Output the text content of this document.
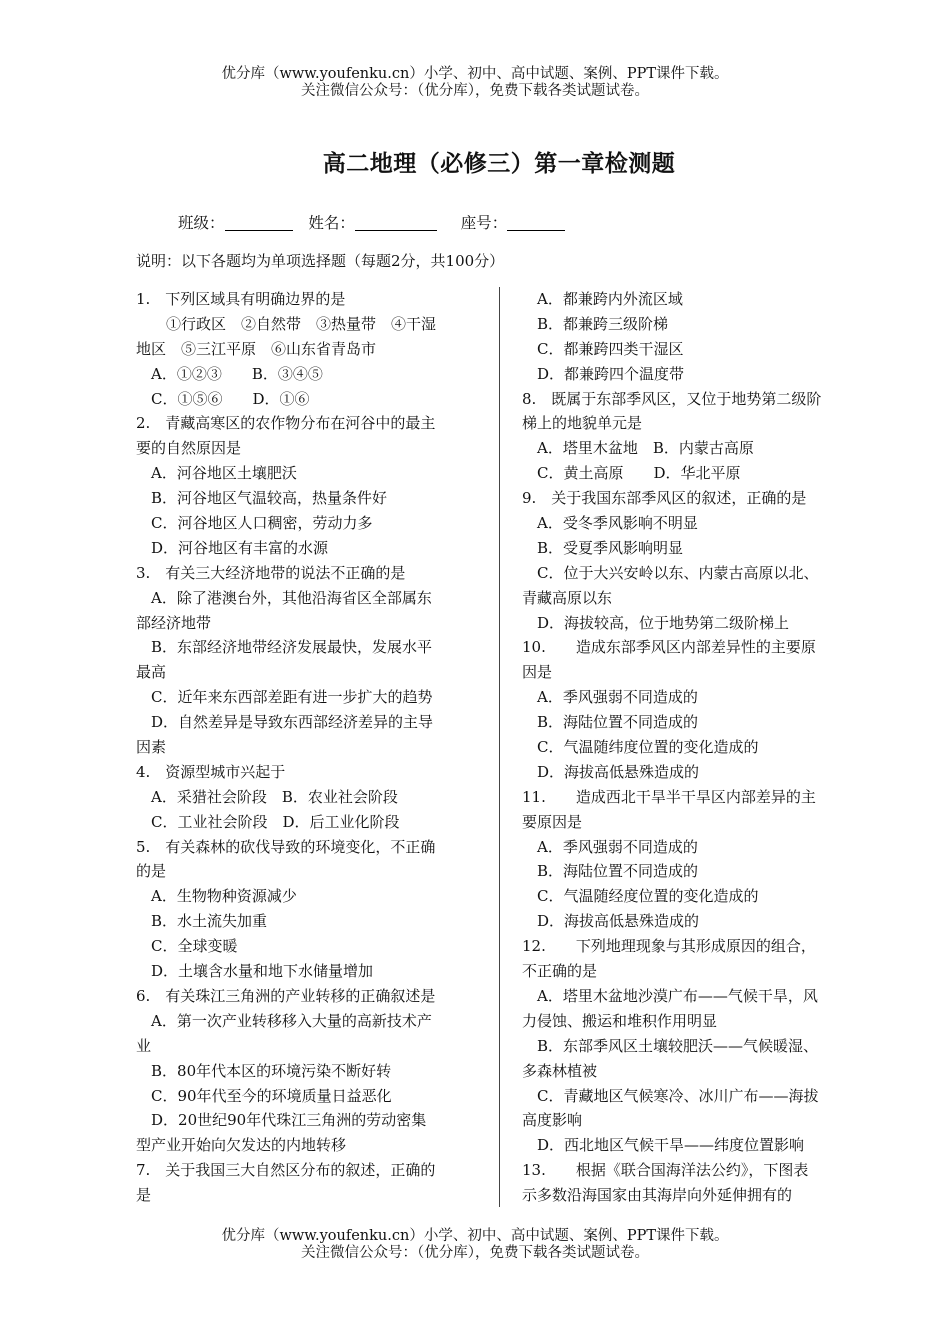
优分库（www.youfenku.cn）小学、初中、高中试题、案例、PPT课件下载。
关注微信公众号：（优分库），免费下载各类试题试卷。
高二地理（必修三）第一章检测题
班级：	姓名：	座号：
说明：以下各题均为单项选择题（每题2分，共100分）
1.　下列区域具有明确边界的是
　　①行政区　②自然带　③热量带　④干湿
地区　⑤三江平原　⑥山东省青岛市
　A．①②③　　B．③④⑤
　C．①⑤⑥　　D．①⑥
2.　青藏高寒区的农作物分布在河谷中的最主
要的自然原因是
　A．河谷地区土壤肥沃
　B．河谷地区气温较高，热量条件好
　C．河谷地区人口稠密，劳动力多
　D．河谷地区有丰富的水源
3.　有关三大经济地带的说法不正确的是
　A．除了港澳台外，其他沿海省区全部属东
部经济地带
　B．东部经济地带经济发展最快，发展水平
最高
　C．近年来东西部差距有进一步扩大的趋势
　D．自然差异是导致东西部经济差异的主导
因素
4.　资源型城市兴起于
　A．采猎社会阶段　B．农业社会阶段
　C．工业社会阶段　D．后工业化阶段
5.　有关森林的砍伐导致的环境变化，不正确
的是
　A．生物物种资源减少
　B．水土流失加重
　C．全球变暖
　D．土壤含水量和地下水储量增加
6.　有关珠江三角洲的产业转移的正确叙述是
　A．第一次产业转移移入大量的高新技术产
业
　B．80年代本区的环境污染不断好转
　C．90年代至今的环境质量日益恶化
　D．20世纪90年代珠江三角洲的劳动密集
型产业开始向欠发达的内地转移
7.　关于我国三大自然区分布的叙述，正确的
是
　A．都兼跨内外流区域
　B．都兼跨三级阶梯
　C．都兼跨四类干湿区
　D．都兼跨四个温度带
8.　既属于东部季风区，又位于地势第二级阶
梯上的地貌单元是
　A．塔里木盆地　B．内蒙古高原
　C．黄土高原　　D．华北平原
9.　关于我国东部季风区的叙述，正确的是
　A．受冬季风影响不明显
　B．受夏季风影响明显
　C．位于大兴安岭以东、内蒙古高原以北、
青藏高原以东
　D．海拔较高，位于地势第二级阶梯上
10.　　造成东部季风区内部差异性的主要原
因是
　A．季风强弱不同造成的
　B．海陆位置不同造成的
　C．气温随纬度位置的变化造成的
　D．海拔高低悬殊造成的
11.　　造成西北干旱半干旱区内部差异的主
要原因是
　A．季风强弱不同造成的
　B．海陆位置不同造成的
　C．气温随经度位置的变化造成的
　D．海拔高低悬殊造成的
12.　　下列地理现象与其形成原因的组合，
不正确的是
　A．塔里木盆地沙漠广布——气候干旱，风
力侵蚀、搬运和堆积作用明显
　B．东部季风区土壤较肥沃——气候暖湿、
多森林植被
　C．青藏地区气候寒冷、冰川广布——海拔
高度影响
　D．西北地区气候干旱——纬度位置影响
13.　　根据《联合国海洋法公约》，下图表
示多数沿海国家由其海岸向外延伸拥有的
优分库（www.youfenku.cn）小学、初中、高中试题、案例、PPT课件下载。
关注微信公众号：（优分库），免费下载各类试题试卷。
